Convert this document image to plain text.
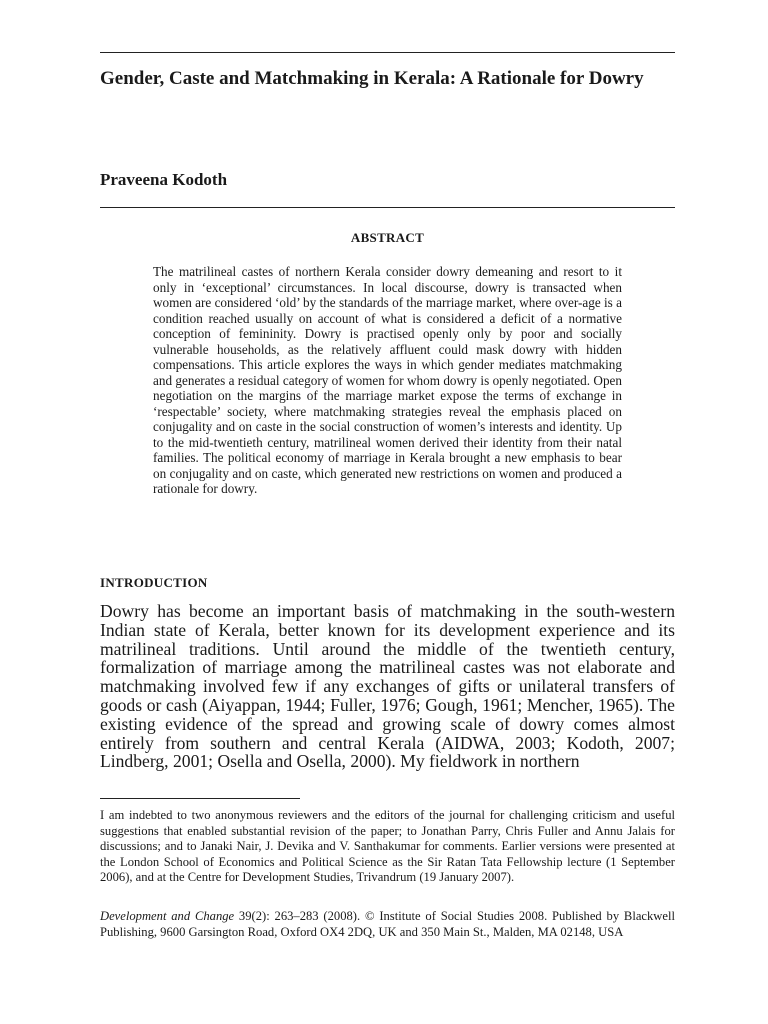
Gender, Caste and Matchmaking in Kerala: A Rationale for Dowry

Praveena Kodoth

ABSTRACT

The matrilineal castes of northern Kerala consider dowry demeaning and resort to it only in ‘exceptional’ circumstances. In local discourse, dowry is transacted when women are considered ‘old’ by the standards of the marriage market, where over-age is a condition reached usually on account of what is considered a deficit of a normative conception of femininity. Dowry is practised openly only by poor and socially vulnerable households, as the relatively affluent could mask dowry with hidden compensations. This article explores the ways in which gender mediates matchmaking and generates a residual category of women for whom dowry is openly negotiated. Open negotiation on the margins of the marriage market expose the terms of exchange in ‘respectable’ society, where matchmaking strategies reveal the emphasis placed on conjugality and on caste in the social construction of women’s interests and identity. Up to the mid-twentieth century, matrilineal women derived their identity from their natal families. The political economy of marriage in Kerala brought a new emphasis to bear on conjugality and on caste, which generated new restrictions on women and produced a rationale for dowry.

INTRODUCTION

Dowry has become an important basis of matchmaking in the south-western Indian state of Kerala, better known for its development experience and its matrilineal traditions. Until around the middle of the twentieth century, formalization of marriage among the matrilineal castes was not elaborate and matchmaking involved few if any exchanges of gifts or unilateral transfers of goods or cash (Aiyappan, 1944; Fuller, 1976; Gough, 1961; Mencher, 1965). The existing evidence of the spread and growing scale of dowry comes almost entirely from southern and central Kerala (AIDWA, 2003; Kodoth, 2007; Lindberg, 2001; Osella and Osella, 2000). My fieldwork in northern

I am indebted to two anonymous reviewers and the editors of the journal for challenging criticism and useful suggestions that enabled substantial revision of the paper; to Jonathan Parry, Chris Fuller and Annu Jalais for discussions; and to Janaki Nair, J. Devika and V. Santhakumar for comments. Earlier versions were presented at the London School of Economics and Political Science as the Sir Ratan Tata Fellowship lecture (1 September 2006), and at the Centre for Development Studies, Trivandrum (19 January 2007).

Development and Change 39(2): 263–283 (2008). © Institute of Social Studies 2008. Published by Blackwell Publishing, 9600 Garsington Road, Oxford OX4 2DQ, UK and 350 Main St., Malden, MA 02148, USA
